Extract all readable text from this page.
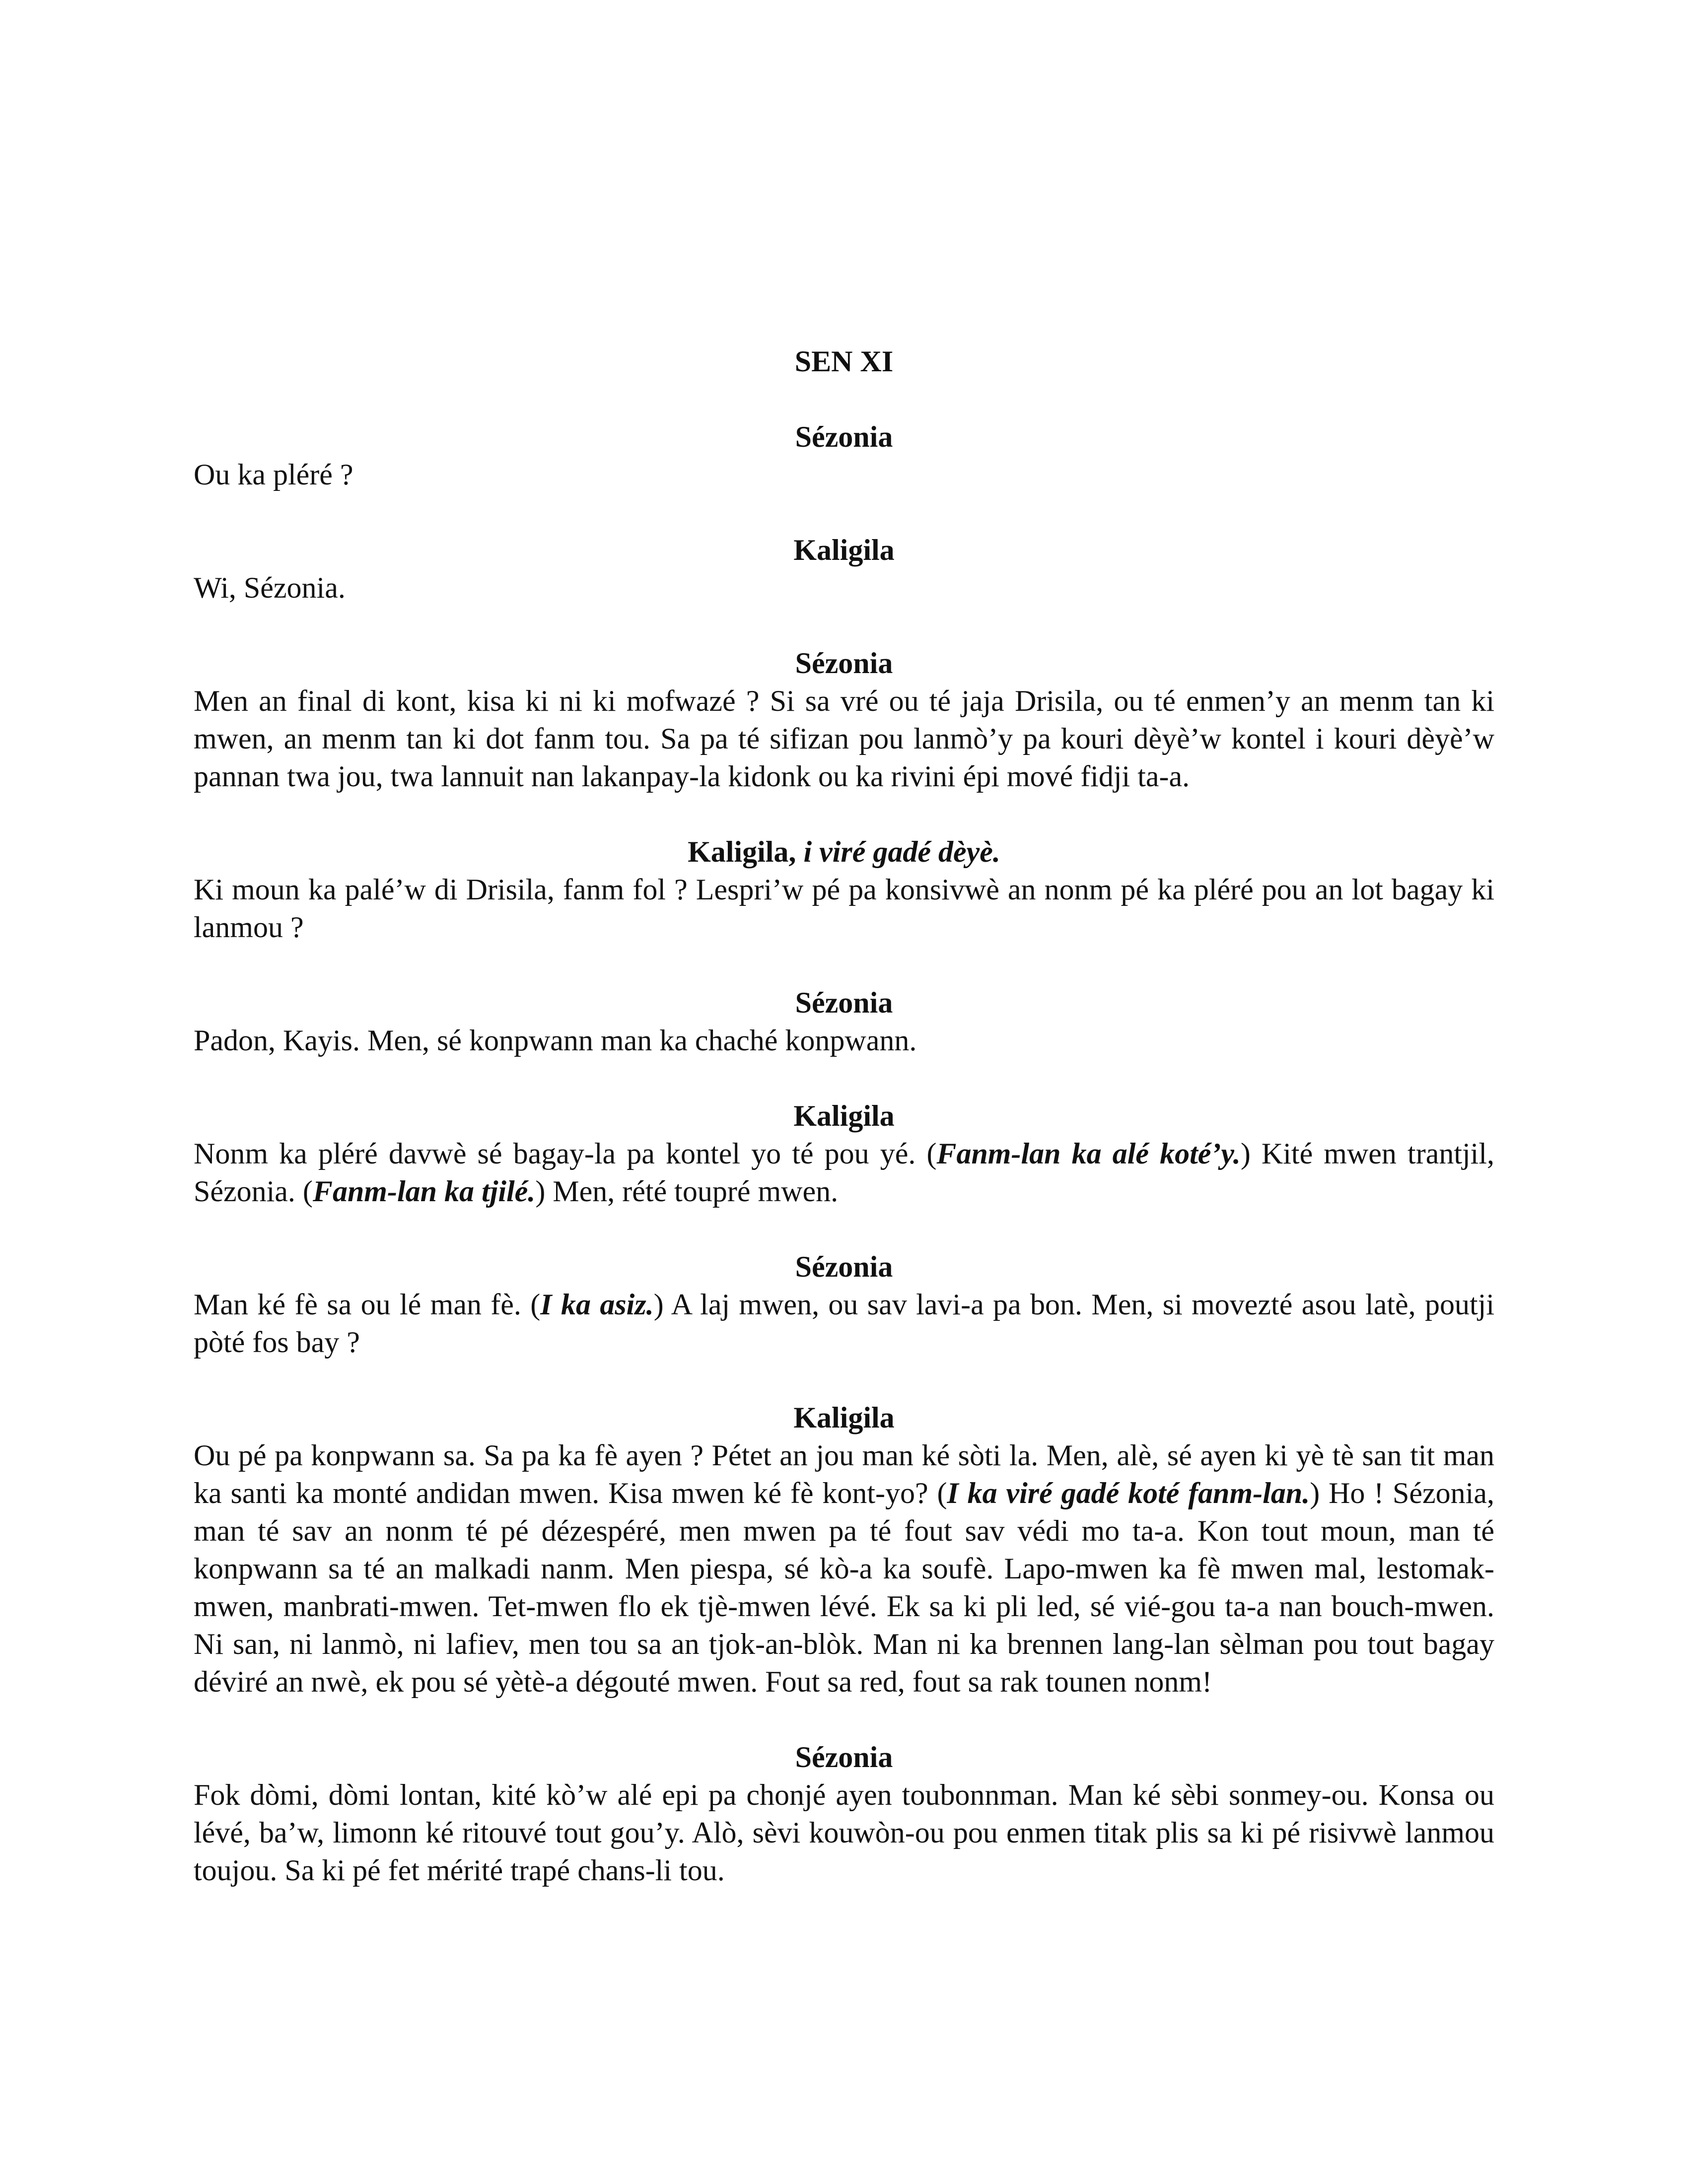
SEN XI
Sézonia

Ou ka pléré ?

Kaligila

Wi, Sézonia.

Sézonia

Men an final di kont, kisa ki ni ki mofwazé ? Si sa vré ou té jaja Drisila, ou té enmen’y an menm tan ki mwen, an menm tan ki dot fanm tou. Sa pa té sifizan pou lanmò’y pa kouri dèyè’w kontel i kouri dèyè’w pannan twa jou, twa lannuit nan lakanpay-la kidonk ou ka rivini épi mové fidji ta-a.

Kaligila, i viré gadé dèyè.

Ki moun ka palé’w di Drisila, fanm fol ? Lespri’w pé pa konsivwè an nonm pé ka pléré pou an lot bagay ki lanmou ?

Sézonia

Padon, Kayis. Men, sé konpwann man ka chaché konpwann.

Kaligila

Nonm ka pléré davwè sé bagay-la pa kontel yo té pou yé. (Fanm-lan ka alé koté’y.) Kité mwen trantjil, Sézonia. (Fanm-lan ka tjilé.) Men, rété toupré mwen.

Sézonia

Man ké fè sa ou lé man fè. (I ka asiz.) A laj mwen, ou sav lavi-a pa bon. Men, si movezté asou latè, poutji pòté fos bay ?

Kaligila

Ou pé pa konpwann sa. Sa pa ka fè ayen ? Pétet an jou man ké sòti la. Men, alè, sé ayen ki yè tè san tit man ka santi ka monté andidan mwen. Kisa mwen ké fè kont-yo? (I ka viré gadé koté fanm-lan.) Ho ! Sézonia, man té sav an nonm té pé dézespéré, men mwen pa té fout sav védi mo ta-a. Kon tout moun, man té konpwann sa té an malkadi nanm. Men piespa, sé kò-a ka soufè. Lapo-mwen ka fè mwen mal, lestomak-mwen, manbrati-mwen. Tet-mwen flo ek tjè-mwen lévé. Ek sa ki pli led, sé vié-gou ta-a nan bouch-mwen. Ni san, ni lanmò, ni lafiev, men tou sa an tjok-an-blòk. Man ni ka brennen lang-lan sèlman pou tout bagay déviré an nwè, ek pou sé yètè-a dégouté mwen. Fout sa red, fout sa rak tounen nonm!

Sézonia

Fok dòmi, dòmi lontan, kité kò’w alé epi pa chonjé ayen toubonnman. Man ké sèbi sonmey-ou. Konsa ou lévé, ba’w, limonn ké ritouvé tout gou’y. Alò, sèvi kouwòn-ou pou enmen titak plis sa ki pé risivwè lanmou toujou. Sa ki pé fet mérité trapé chans-li tou.
